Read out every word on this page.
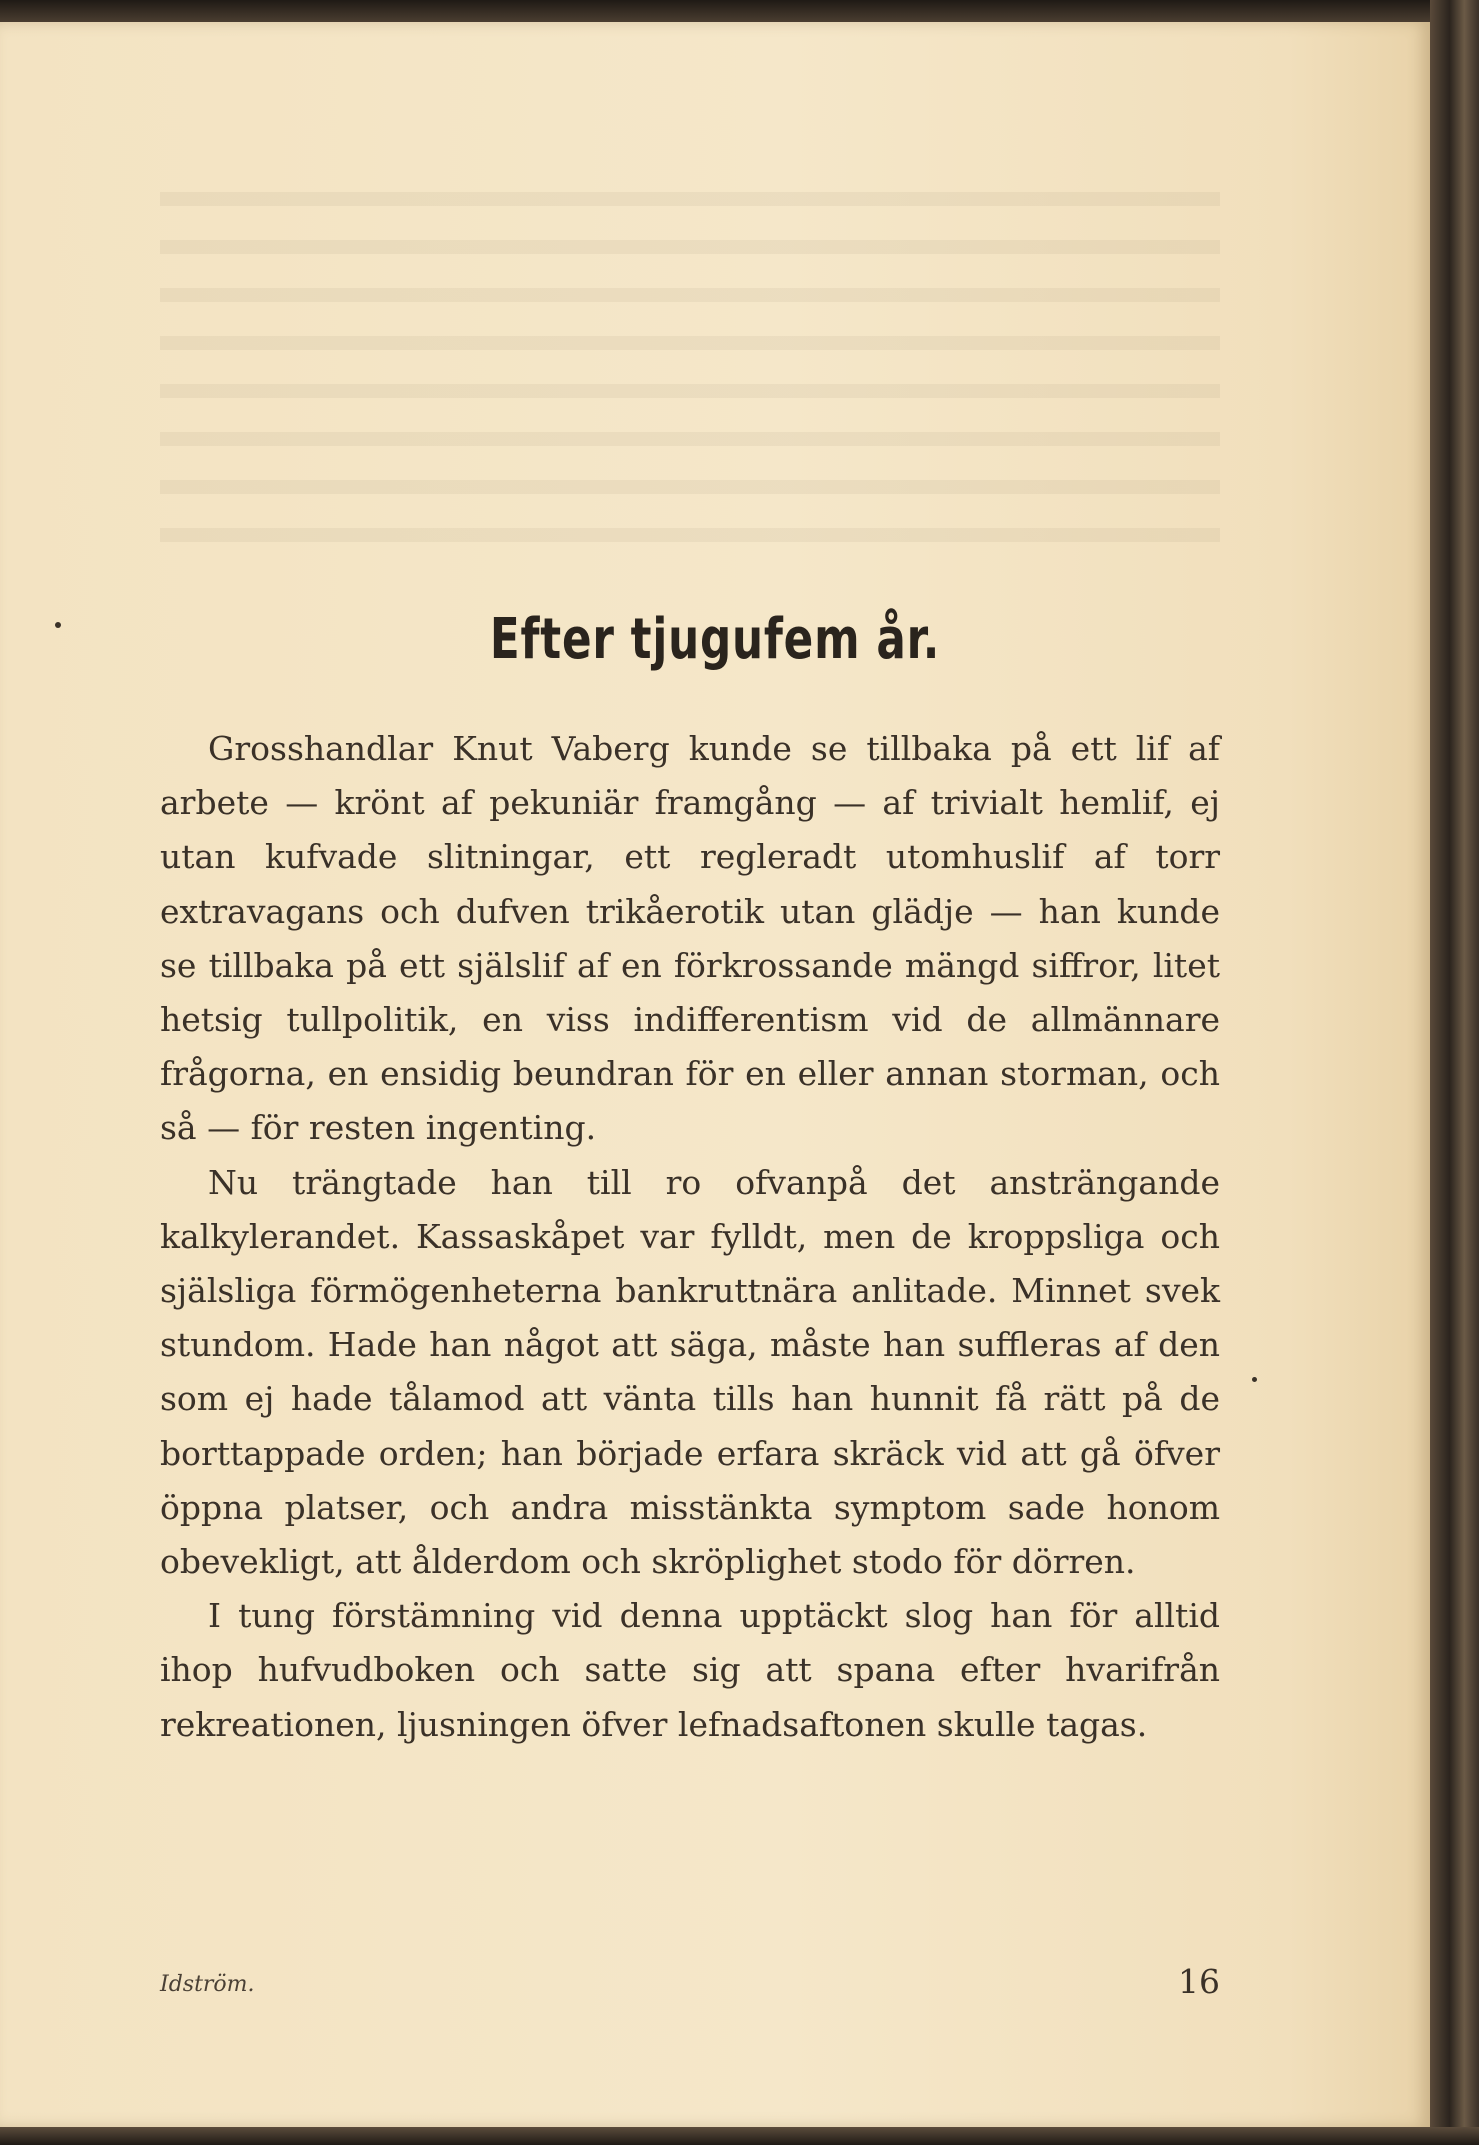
Efter tjugufem år.

Grosshandlar Knut Vaberg kunde se tillbaka på ett lif af arbete — krönt af pekuniär framgång — af trivialt hemlif, ej utan kufvade slitningar, ett regleradt utomhuslif af torr extravagans och dufven trikåerotik utan glädje — han kunde se tillbaka på ett själslif af en förkrossande mängd siffror, litet hetsig tullpolitik, en viss indifferentism vid de allmännare frågorna, en ensidig beundran för en eller annan storman, och så — för resten ingenting.

Nu trängtade han till ro ofvanpå det ansträngande kalkylerandet. Kassaskåpet var fylldt, men de kroppsliga och själsliga förmögenheterna bankruttnära anlitade. Minnet svek stundom. Hade han något att säga, måste han suffleras af den som ej hade tålamod att vänta tills han hunnit få rätt på de borttappade orden; han började erfara skräck vid att gå öfver öppna platser, och andra misstänkta symptom sade honom obevekligt, att ålderdom och skröplighet stodo för dörren.

I tung förstämning vid denna upptäckt slog han för alltid ihop hufvudboken och satte sig att spana efter hvarifrån rekreationen, ljusningen öfver lefnadsaftonen skulle tagas.

Idström.	16
